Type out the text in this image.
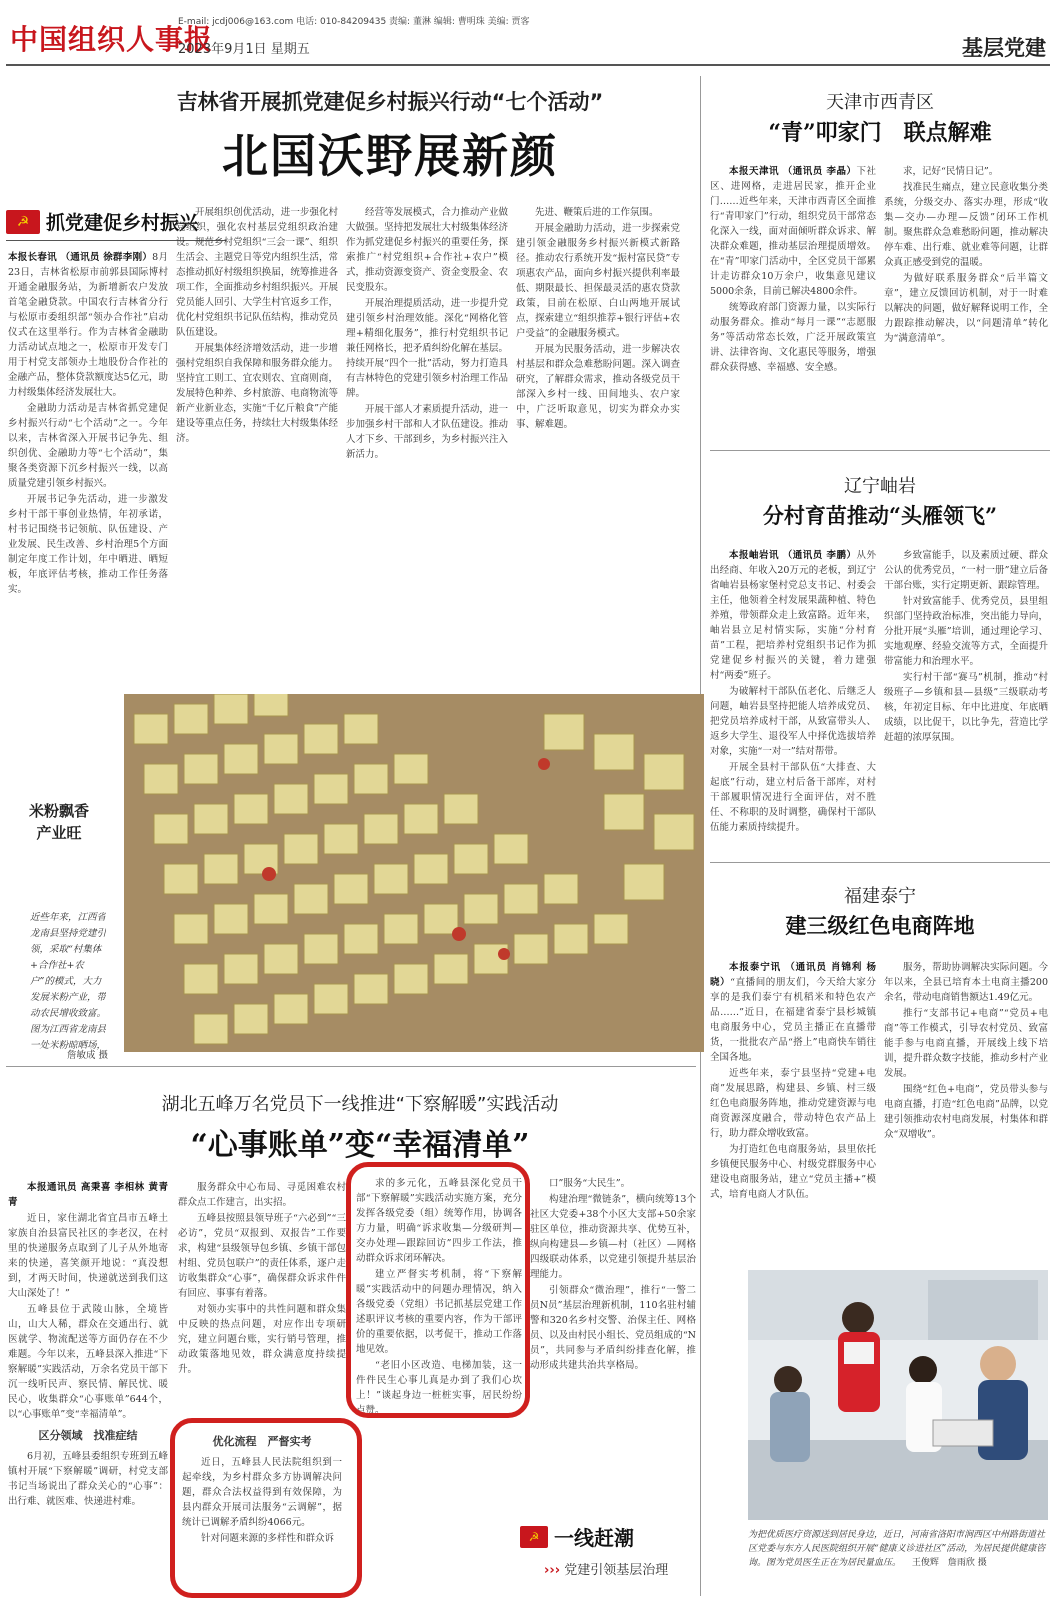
中国组织人事报
E-mail: jcdj006@163.com 电话: 010-84209435 责编: 董淋 编辑: 曹明珠 美编: 贾客
2023年9月1日 星期五	基层党建
吉林省开展抓党建促乡村振兴行动“七个活动”
北国沃野展新颜
☭ 抓党建促乡村振兴

本报长春讯 （通讯员 徐群李刚）8月23日，吉林省松原市前郭县国际博村开通金融服务站，为新增新农户发放首笔金融贷款。中国农行吉林省分行与松原市委组织部“领办合作社”启动仪式在这里举行。作为吉林省金融助力活动试点地之一，松原市开发专门用于村党支部领办土地股份合作社的金融产品，整体贷款额度达5亿元，助力村级集体经济发展壮大。

金融助力活动是吉林省抓党建促乡村振兴行动“七个活动”之一。今年以来，吉林省深入开展书记争先、组织创优、金融助力等“七个活动”，集聚各类资源下沉乡村振兴一线，以高质量党建引领乡村振兴。

开展书记争先活动，进一步激发乡村干部干事创业热情，年初承诺，村书记围绕书记领航、队伍建设、产业发展、民生改善、乡村治理5个方面制定年度工作计划，年中晒进、晒短板，年底评估考核，推动工作任务落实。

开展组织创优活动，进一步强化村党组织，强化农村基层党组织政治建设。规范乡村党组织“三会一课”、组织生活会、主题党日等党内组织生活，常态推动抓好村级组织换届，统筹推进各项工作，全面推动乡村组织振兴。开展党员能人回引、大学生村官返乡工作，优化村党组织书记队伍结构，推动党员队伍建设。

开展集体经济增效活动，进一步增强村党组织自我保障和服务群众能力。坚持宜工则工、宜农则农、宜商则商，发展特色种养、乡村旅游、电商物流等新产业新业态，实施“千亿斤粮食”产能建设等重点任务，持续壮大村级集体经济。

经营等发展模式，合力推动产业做大做强。坚持把发展壮大村级集体经济作为抓党建促乡村振兴的重要任务，探索推广“村党组织+合作社+农户”模式，推动资源变资产、资金变股金、农民变股东。

开展治理提质活动，进一步提升党建引领乡村治理效能。深化“网格化管理+精细化服务”，推行村党组织书记兼任网格长，把矛盾纠纷化解在基层。持续开展“四个一批”活动，努力打造具有吉林特色的党建引领乡村治理工作品牌。

开展干部人才素质提升活动，进一步加强乡村干部和人才队伍建设。推动人才下乡、干部到乡，为乡村振兴注入新活力。

先进、鞭策后进的工作氛围。

开展金融助力活动，进一步探索党建引领金融服务乡村振兴新模式新路径。推动农行系统开发“振村富民贷”专项惠农产品，面向乡村振兴提供利率最低、期限最长、担保最灵活的惠农贷款政策，目前在松原、白山两地开展试点，探索建立“组织推荐+银行评估+农户受益”的金融服务模式。

开展为民服务活动，进一步解决农村基层和群众急难愁盼问题。深入调查研究，了解群众需求，推动各级党员干部深入乡村一线、田间地头、农户家中，广泛听取意见，切实为群众办实事、解难题。

米粉飘香
产业旺
近些年来，江西省龙南县坚持党建引领，采取“村集体+合作社+农户”的模式，大力发展米粉产业，带动农民增收致富。图为江西省龙南县一处米粉晾晒场，
詹敏成 摄
湖北五峰万名党员下一线推进“下察解暖”实践活动
“心事账单”变“幸福清单”

本报通讯员 高秉喜 李相林 黄青青

近日，家住湖北省宜昌市五峰土家族自治县富民社区的李老汉，在村里的快递服务点取到了儿子从外地寄来的快递，喜笑颜开地说：“真没想到，才两天时间，快递就送到我们这大山深处了！”

五峰县位于武陵山脉，全境皆山，山大人稀，群众在交通出行、就医就学、物流配送等方面仍存在不少难题。今年以来，五峰县深入推进“下察解暖”实践活动，万余名党员干部下沉一线听民声、察民情、解民忧、暖民心，收集群众“心事账单”644个，以“心事账单”变“幸福清单”。

区分领域　找准症结

6月初，五峰县委组织专班到五峰镇村开展“下察解暖”调研，村党支部书记当场说出了群众关心的“心事”：出行难、就医难、快递进村难。

服务群众中心布局、寻觅困难农村群众点工作建言，出实招。

五峰县按照县领导班子“六必到”“三必访”，党员“双报到、双报告”工作要求，构建“县级领导包乡镇、乡镇干部包村组、党员包联户”的责任体系，逐户走访收集群众“心事”，确保群众诉求件件有回应、事事有着落。

对领办实事中的共性问题和群众集中反映的热点问题，对应作出专项研究，建立问题台账，实行销号管理，推动政策落地见效，群众满意度持续提升。

优化流程　严督实考

近日，五峰县人民法院组织到一起牵线，为乡村群众多方协调解决问题，群众合法权益得到有效保障，为县内群众开展司法服务“云调解”，据统计已调解矛盾纠纷4066元。

针对问题来源的多样性和群众诉

求的多元化，五峰县深化党员干部“下察解暖”实践活动实施方案，充分发挥各级党委（组）统筹作用，协调各方力量，明确“诉求收集—分级研判—交办处理—跟踪回访”四步工作法，推动群众诉求闭环解决。

建立严督实考机制，将“下察解暖”实践活动中的问题办理情况，纳入各级党委（党组）书记抓基层党建工作述职评议考核的重要内容，作为干部评价的重要依据，以考促干，推动工作落地见效。

“老旧小区改造、电梯加装，这一件件民生心事儿真是办到了我们心坎上！”谈起身边一桩桩实事，居民纷纷点赞。

口”服务“大民生”。

构建治理“微链条”，横向统筹13个社区大党委+38个小区大支部+50余家驻区单位，推动资源共享、优势互补，纵向构建县—乡镇—村（社区）—网格四级联动体系，以党建引领提升基层治理能力。

引领群众“微治理”，推行“一警二员N员”基层治理新机制，110名驻村辅警和320名乡村交警、治保主任、网格员、以及由村民小组长、党员组成的“N员”，共同参与矛盾纠纷排查化解，推动形成共建共治共享格局。

☭ 一线赶潮
››› 党建引领基层治理
天津市西青区
“青”叩家门　联点解难

本报天津讯 （通讯员 李晶）下社区、进网格，走进居民家，推开企业门……近些年来，天津市西青区全面推行“青叩家门”行动，组织党员干部常态化深入一线，面对面倾听群众诉求、解决群众难题，推动基层治理提质增效。在“青”叩家门活动中，全区党员干部累计走访群众10万余户，收集意见建议5000余条，目前已解决4800余件。

统筹政府部门资源力量，以实际行动服务群众。推动“每月一课”“志愿服务”等活动常态长效，广泛开展政策宣讲、法律咨询、文化惠民等服务，增强群众获得感、幸福感、安全感。

求，记好“民情日记”。

找准民生痛点，建立民意收集分类系统，分级交办、落实办理，形成“收集—交办—办理—反馈”闭环工作机制。聚焦群众急难愁盼问题，推动解决停车难、出行难、就业难等问题，让群众真正感受到党的温暖。

为做好联系服务群众“后半篇文章”，建立反馈回访机制，对于一时难以解决的问题，做好解释说明工作，全力跟踪推动解决，以“问题清单”转化为“满意清单”。

辽宁岫岩
分村育苗推动“头雁领飞”

本报岫岩讯 （通讯员 李鹏）从外出经商、年收入20万元的老板，到辽宁省岫岩县杨家堡村党总支书记、村委会主任，他领着全村发展果蔬种植、特色养殖，带领群众走上致富路。近年来，岫岩县立足村情实际，实施“分村育苗”工程，把培养村党组织书记作为抓党建促乡村振兴的关键，着力建强村“两委”班子。

为破解村干部队伍老化、后继乏人问题，岫岩县坚持把能人培养成党员、把党员培养成村干部，从致富带头人、返乡大学生、退役军人中择优选拔培养对象，实施“一对一”结对帮带。

开展全县村干部队伍“大排查、大起底”行动，建立村后备干部库，对村干部履职情况进行全面评估，对不胜任、不称职的及时调整，确保村干部队伍能力素质持续提升。

乡致富能手，以及素质过硬、群众公认的优秀党员，“一村一册”建立后备干部台账，实行定期更新、跟踪管理。

针对致富能手、优秀党员，县里组织部门坚持政治标准，突出能力导向，分批开展“头雁”培训，通过理论学习、实地观摩、经验交流等方式，全面提升带富能力和治理水平。

实行村干部“赛马”机制，推动“村级班子—乡镇和县—县级”三级联动考核，年初定目标、年中比进度、年底晒成绩，以比促干，以比争先，营造比学赶超的浓厚氛围。

福建泰宁
建三级红色电商阵地

本报泰宁讯 （通讯员 肖锦利 杨晓）“直播间的朋友们，今天给大家分享的是我们泰宁有机稻米和特色农产品……”近日，在福建省泰宁县杉城镇电商服务中心，党员主播正在直播带货，一批批农产品“搭上”电商快车销往全国各地。

近些年来，泰宁县坚持“党建+电商”发展思路，构建县、乡镇、村三级红色电商服务阵地，推动党建资源与电商资源深度融合，带动特色农产品上行，助力群众增收致富。

为打造红色电商服务站，县里依托乡镇便民服务中心、村级党群服务中心建设电商服务站，建立“党员主播+”模式，培育电商人才队伍。

服务，帮助协调解决实际问题。今年以来，全县已培育本土电商主播200余名，带动电商销售额达1.49亿元。

推行“支部书记+电商”“党员+电商”等工作模式，引导农村党员、致富能手参与电商直播，开展线上线下培训，提升群众数字技能，推动乡村产业发展。

围绕“红色+电商”，党员带头参与电商直播，打造“红色电商”品牌，以党建引领推动农村电商发展，村集体和群众“双增收”。

为把优质医疗资源送到居民身边，近日，河南省洛阳市涧西区中州路街道社区党委与东方人民医院组织开展“健康义诊进社区”活动，为居民提供健康咨询。图为党员医生正在为居民量血压。 王俊辉　詹雨欣 摄
